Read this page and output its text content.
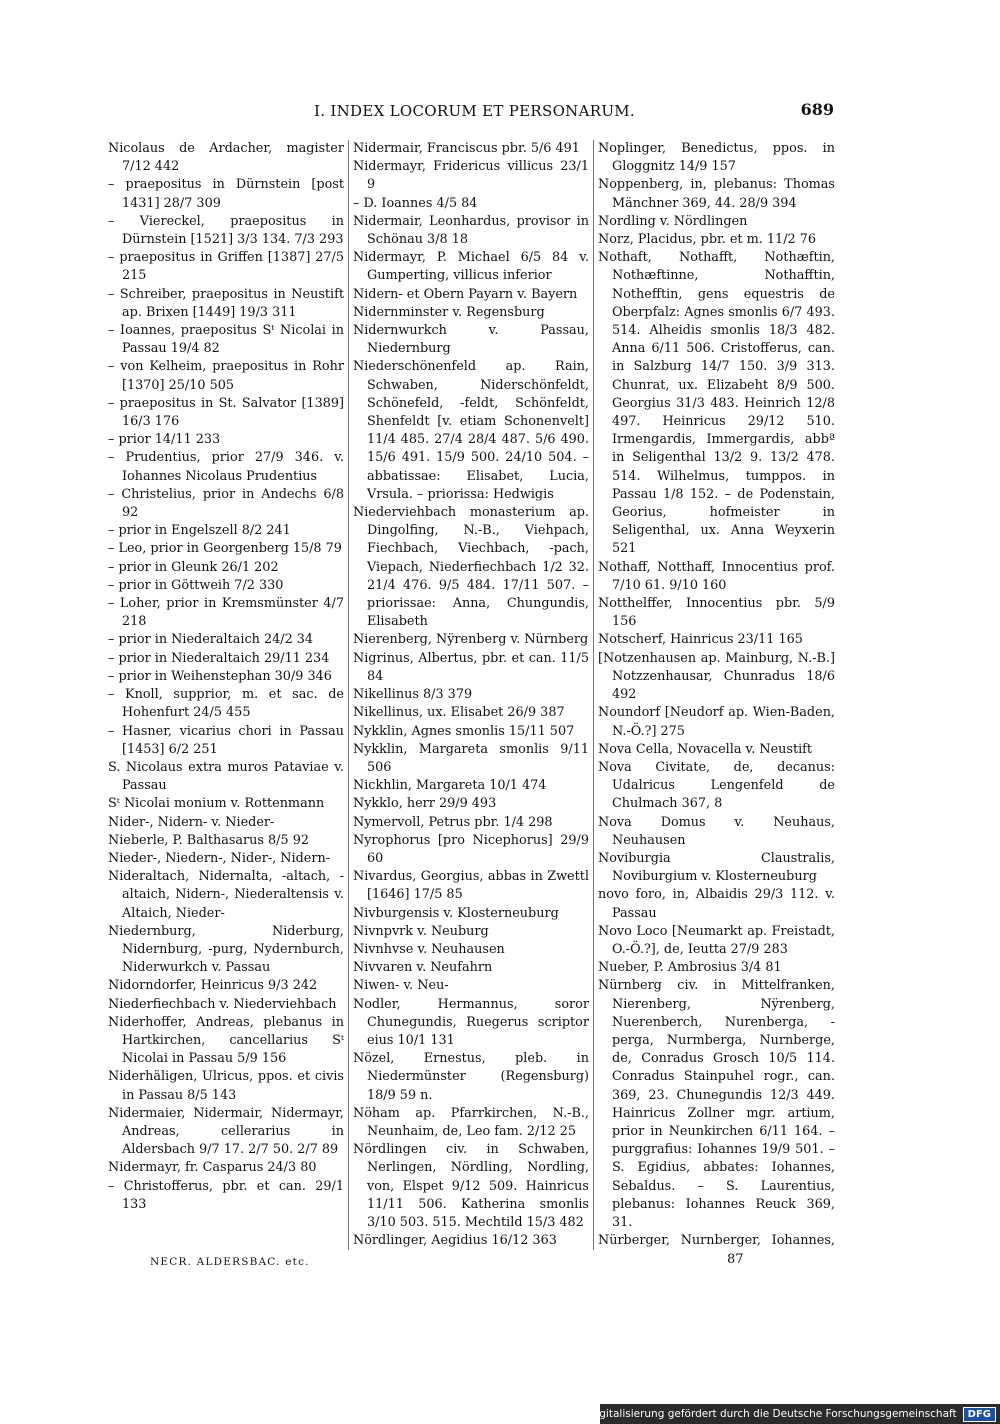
I. INDEX LOCORUM ET PERSONARUM.	689

Nicolaus de Ardacher, magister 7/12 442

– praepositus in Dürnstein [post 1431] 28/7 309

– Viereckel, praepositus in Dürnstein [1521] 3/3 134. 7/3 293

– praepositus in Griffen [1387] 27/5 215

– Schreiber, praepositus in Neustift ap. Brixen [1449] 19/3 311

– Ioannes, praepositus Sᵗ Nicolai in Passau 19/4 82

– von Kelheim, praepositus in Rohr [1370] 25/10 505

– praepositus in St. Salvator [1389] 16/3 176

– prior 14/11 233

– Prudentius, prior 27/9 346. v. Iohannes Nicolaus Prudentius

– Christelius, prior in Andechs 6/8 92

– prior in Engelszell 8/2 241

– Leo, prior in Georgenberg 15/8 79

– prior in Gleunk 26/1 202

– prior in Göttweih 7/2 330

– Loher, prior in Kremsmünster 4/7 218

– prior in Niederaltaich 24/2 34

– prior in Niederaltaich 29/11 234

– prior in Weihenstephan 30/9 346

– Knoll, supprior, m. et sac. de Hohenfurt 24/5 455

– Hasner, vicarius chori in Passau [1453] 6/2 251

S. Nicolaus extra muros Pataviae v. Passau

Sᵗ Nicolai monium v. Rottenmann

Nider-, Nidern- v. Nieder-

Nieberle, P. Balthasarus 8/5 92

Nieder-, Niedern-, Nider-, Nidern-

Nideraltach, Nidernalta, -altach, -altaich, Nidern-, Niederaltensis v. Altaich, Nieder-

Niedernburg, Niderburg, Nidernburg, -purg, Nydernburch, Niderwurkch v. Passau

Nidorndorfer, Heinricus 9/3 242

Niederfiechbach v. Niederviehbach

Niderhoffer, Andreas, plebanus in Hartkirchen, cancellarius Sᵗ Nicolai in Passau 5/9 156

Niderhäligen, Ulricus, ppos. et civis in Passau 8/5 143

Nidermaier, Nidermair, Nidermayr, Andreas, cellerarius in Aldersbach 9/7 17. 2/7 50. 2/7 89

Nidermayr, fr. Casparus 24/3 80

– Christofferus, pbr. et can. 29/1 133

Nidermair, Franciscus pbr. 5/6 491

Nidermayr, Fridericus villicus 23/1 9

– D. Ioannes 4/5 84

Nidermair, Leonhardus, provisor in Schönau 3/8 18

Nidermayr, P. Michael 6/5 84 v. Gumperting, villicus inferior

Nidern- et Obern Payarn v. Bayern

Nidernminster v. Regensburg

Nidernwurkch v. Passau, Niedernburg

Niederschönenfeld ap. Rain, Schwaben, Niderschönfeldt, Schönefeld, -feldt, Schönfeldt, Shenfeldt [v. etiam Schonenvelt] 11/4 485. 27/4 28/4 487. 5/6 490. 15/6 491. 15/9 500. 24/10 504. – abbatissae: Elisabet, Lucia, Vrsula. – priorissa: Hedwigis

Niederviehbach monasterium ap. Dingolfing, N.-B., Viehpach, Fiechbach, Viechbach, -pach, Viepach, Niederfiechbach 1/2 32. 21/4 476. 9/5 484. 17/11 507. – priorissae: Anna, Chungundis, Elisabeth

Nierenberg, Nÿrenberg v. Nürnberg

Nigrinus, Albertus, pbr. et can. 11/5 84

Nikellinus 8/3 379

Nikellinus, ux. Elisabet 26/9 387

Nykklin, Agnes smonlis 15/11 507

Nykklin, Margareta smonlis 9/11 506

Nickhlin, Margareta 10/1 474

Nykklo, herr 29/9 493

Nymervoll, Petrus pbr. 1/4 298

Nyrophorus [pro Nicephorus] 29/9 60

Nivardus, Georgius, abbas in Zwettl [1646] 17/5 85

Nivburgensis v. Klosterneuburg

Nivnpvrk v. Neuburg

Nivnhvse v. Neuhausen

Nivvaren v. Neufahrn

Niwen- v. Neu-

Nodler, Hermannus, soror Chunegundis, Ruegerus scriptor eius 10/1 131

Nözel, Ernestus, pleb. in Niedermünster (Regensburg) 18/9 59 n.

Nöham ap. Pfarrkirchen, N.-B., Neunhaim, de, Leo fam. 2/12 25

Nördlingen civ. in Schwaben, Nerlingen, Nördling, Nordling, von, Elspet 9/12 509. Hainricus 11/11 506. Katherina smonlis 3/10 503. 515. Mechtild 15/3 482

Nördlinger, Aegidius 16/12 363

Noplinger, Benedictus, ppos. in Gloggnitz 14/9 157

Noppenberg, in, plebanus: Thomas Mänchner 369, 44. 28/9 394

Nordling v. Nördlingen

Norz, Placidus, pbr. et m. 11/2 76

Nothaft, Nothafft, Nothæftin, Nothæftinne, Nothafftin, Nothefftin, gens equestris de Oberpfalz: Agnes smonlis 6/7 493. 514. Alheidis smonlis 18/3 482. Anna 6/11 506. Cristofferus, can. in Salzburg 14/7 150. 3/9 313. Chunrat, ux. Elizabeht 8/9 500. Georgius 31/3 483. Heinrich 12/8 497. Heinricus 29/12 510. Irmengardis, Immergardis, abbª in Seligenthal 13/2 9. 13/2 478. 514. Wilhelmus, tumppos. in Passau 1/8 152. – de Podenstain, Georius, hofmeister in Seligenthal, ux. Anna Weyxerin 521

Nothaff, Notthaff, Innocentius prof. 7/10 61. 9/10 160

Notthelffer, Innocentius pbr. 5/9 156

Notscherf, Hainricus 23/11 165

[Notzenhausen ap. Mainburg, N.-B.] Notzzenhausar, Chunradus 18/6 492

Noundorf [Neudorf ap. Wien-Baden, N.-Ö.?] 275

Nova Cella, Novacella v. Neustift

Nova Civitate, de, decanus: Udalricus Lengenfeld de Chulmach 367, 8

Nova Domus v. Neuhaus, Neuhausen

Noviburgia Claustralis, Noviburgium v. Klosterneuburg

novo foro, in, Albaidis 29/3 112. v. Passau

Novo Loco [Neumarkt ap. Freistadt, O.-Ö.?], de, Ieutta 27/9 283

Nueber, P. Ambrosius 3/4 81

Nürnberg civ. in Mittelfranken, Nierenberg, Nÿrenberg, Nuerenberch, Nurenberga, -perga, Nurmberga, Nurnberge, de, Conradus Grosch 10/5 114. Conradus Stainpuhel rogr., can. 369, 23. Chunegundis 12/3 449. Hainricus Zollner mgr. artium, prior in Neunkirchen 6/11 164. – purggrafius: Iohannes 19/9 501. – S. Egidius, abbates: Iohannes, Sebaldus. – S. Laurentius, plebanus: Iohannes Reuck 369, 31.

Nürberger, Nurnberger, Iohannes,

NECR. ALDERSBAC. etc.	87
Digitalisierung gefördert durch die Deutsche Forschungsgemeinschaft	DFG
